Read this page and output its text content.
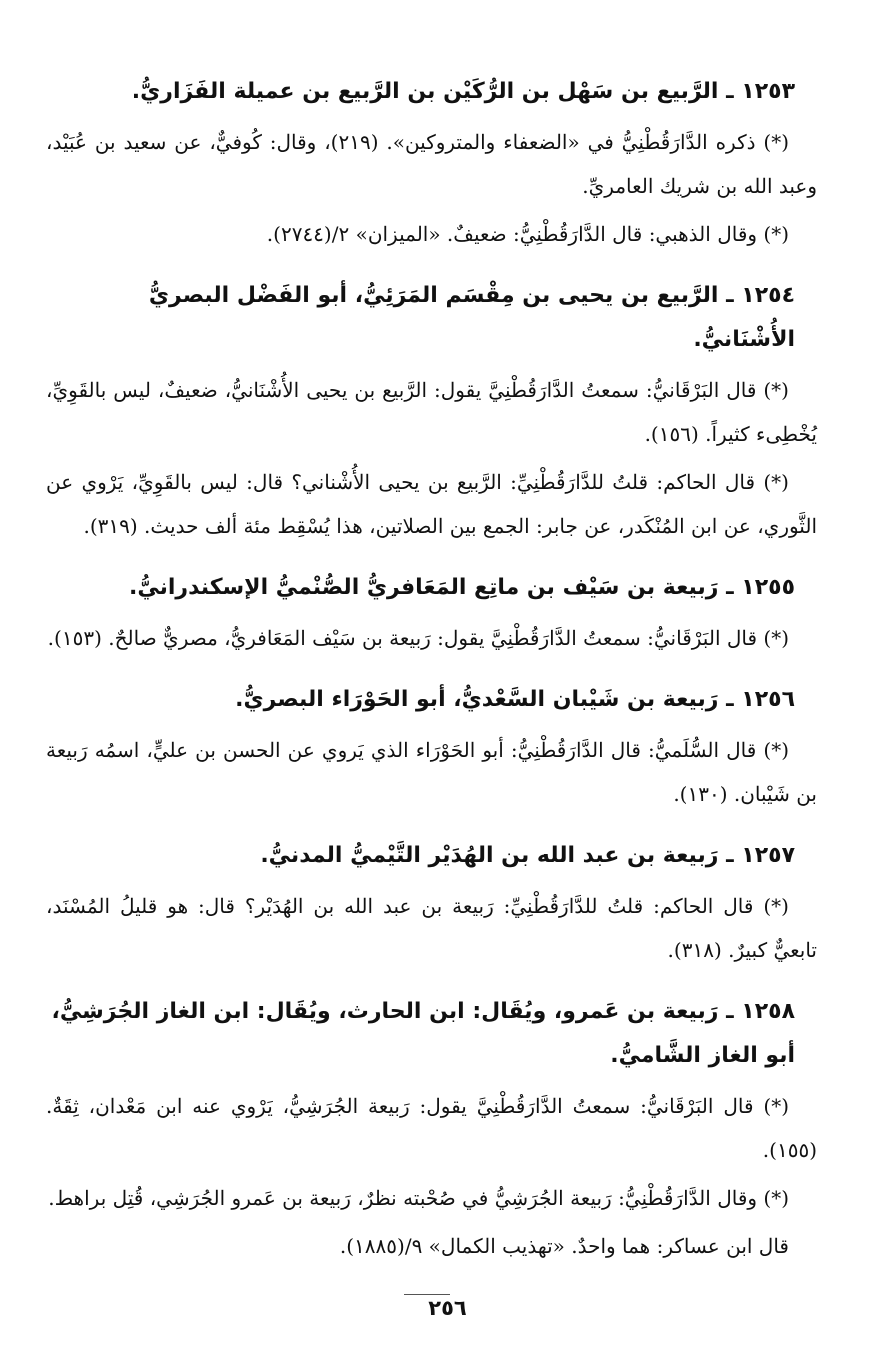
١٢٥٣ ـ الرَّبيع بن سَهْل بن الرُّكَيْن بن الرَّبيع بن عميلة الفَزَاريُّ.

(*) ذكره الدَّارَقُطْنِيُّ في «الضعفاء والمتروكين». (٢١٩)، وقال: كُوفيٌّ، عن سعيد بن عُبَيْد، وعبد الله بن شريك العامريِّ.

(*) وقال الذهبي: قال الدَّارَقُطْنِيُّ: ضعيفٌ. «الميزان» ٢/(٢٧٤٤).

١٢٥٤ ـ الرَّبيع بن يحيى بن مِقْسَم المَرَئِيُّ، أبو الفَضْل البصريُّ الأُشْنَانيُّ.

(*) قال البَرْقَانيُّ: سمعتُ الدَّارَقُطْنِيَّ يقول: الرَّبيع بن يحيى الأُشْنَانيُّ، ضعيفٌ، ليس بالقَوِيِّ، يُخْطِىء كثيراً. (١٥٦).

(*) قال الحاكم: قلتُ للدَّارَقُطْنِيِّ: الرَّبيع بن يحيى الأُشْناني؟ قال: ليس بالقَوِيِّ، يَرْوي عن الثَّوري، عن ابن المُنْكَدر، عن جابر: الجمع بين الصلاتين، هذا يُسْقِط مئة ألف حديث. (٣١٩).

١٢٥٥ ـ رَبيعة بن سَيْف بن ماتِع المَعَافريُّ الصُّنْميُّ الإسكندرانيُّ.

(*) قال البَرْقَانيُّ: سمعتُ الدَّارَقُطْنِيَّ يقول: رَبيعة بن سَيْف المَعَافريُّ، مصريٌّ صالحٌ. (١٥٣).

١٢٥٦ ـ رَبيعة بن شَيْبان السَّعْديُّ، أبو الحَوْرَاء البصريُّ.

(*) قال السُّلَميُّ: قال الدَّارَقُطْنِيُّ: أبو الحَوْرَاء الذي يَروي عن الحسن بن عليٍّ، اسمُه رَبيعة بن شَيْبان. (١٣٠).

١٢٥٧ ـ رَبيعة بن عبد الله بن الهُدَيْر التَّيْميُّ المدنيُّ.

(*) قال الحاكم: قلتُ للدَّارَقُطْنِيِّ: رَبيعة بن عبد الله بن الهُدَيْر؟ قال: هو قليلُ المُسْنَد، تابعيٌّ كبيرٌ. (٣١٨).

١٢٥٨ ـ رَبيعة بن عَمرو، ويُقَال: ابن الحارث، ويُقَال: ابن الغاز الجُرَشِيُّ، أبو الغاز الشَّاميُّ.

(*) قال البَرْقَانيُّ: سمعتُ الدَّارَقُطْنِيَّ يقول: رَبيعة الجُرَشِيُّ، يَرْوي عنه ابن مَعْدان، ثِقَةٌ. (١٥٥).

(*) وقال الدَّارَقُطْنِيُّ: رَبيعة الجُرَشِيُّ في صُحْبته نظرٌ، رَبيعة بن عَمرو الجُرَشِي، قُتِل براهط.

قال ابن عساكر: هما واحدٌ. «تهذيب الكمال» ٩/(١٨٨٥).

٢٥٦
